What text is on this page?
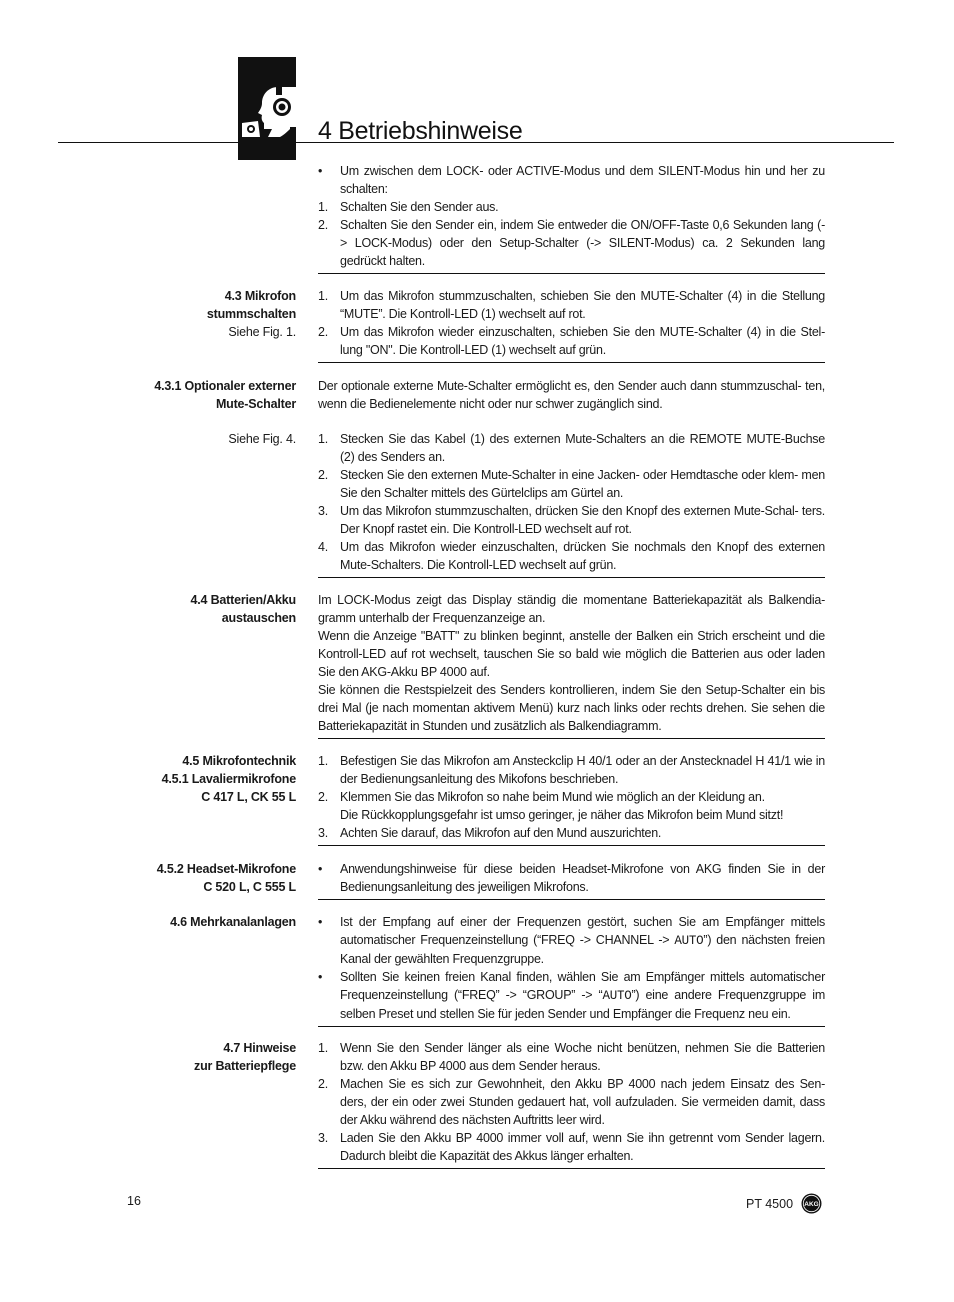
4 Betriebshinweise
•	Um zwischen dem LOCK- oder ACTIVE-Modus und dem SILENT-Modus hin und her zu schalten:
1. Schalten Sie den Sender aus.
2. Schalten Sie den Sender ein, indem Sie entweder die ON/OFF-Taste 0,6 Sekunden lang (-> LOCK-Modus) oder den Setup-Schalter (-> SILENT-Modus) ca. 2 Sekunden lang gedrückt halten.
4.3 Mikrofon
stummschalten
Siehe Fig. 1.
1. Um das Mikrofon stummzuschalten, schieben Sie den MUTE-Schalter (4) in die Stellung “MUTE”. Die Kontroll-LED (1) wechselt auf rot.
2. Um das Mikrofon wieder einzuschalten, schieben Sie den MUTE-Schalter (4) in die Stel- lung "ON". Die Kontroll-LED (1) wechselt auf grün.
4.3.1 Optionaler externer
Mute-Schalter

Der optionale externe Mute-Schalter ermöglicht es, den Sender auch dann stummzuschal- ten, wenn die Bedienelemente nicht oder nur schwer zugänglich sind.

Siehe Fig. 4. 1. Stecken Sie das Kabel (1) des externen Mute-Schalters an die REMOTE MUTE-Buchse (2) des Senders an.
2. Stecken Sie den externen Mute-Schalter in eine Jacken- oder Hemdtasche oder klem- men Sie den Schalter mittels des Gürtelclips am Gürtel an.
3. Um das Mikrofon stummzuschalten, drücken Sie den Knopf des externen Mute-Schal- ters. Der Knopf rastet ein. Die Kontroll-LED wechselt auf rot.
4. Um das Mikrofon wieder einzuschalten, drücken Sie nochmals den Knopf des externen Mute-Schalters. Die Kontroll-LED wechselt auf grün.
4.4 Batterien/Akku
austauschen

Im LOCK-Modus zeigt das Display ständig die momentane Batteriekapazität als Balkendia- gramm unterhalb der Frequenzanzeige an.

Wenn die Anzeige "BATT" zu blinken beginnt, anstelle der Balken ein Strich erscheint und die Kontroll-LED auf rot wechselt, tauschen Sie so bald wie möglich die Batterien aus oder laden Sie den AKG-Akku BP 4000 auf.

Sie können die Restspielzeit des Senders kontrollieren, indem Sie den Setup-Schalter ein bis drei Mal (je nach momentan aktivem Menü) kurz nach links oder rechts drehen. Sie sehen die Batteriekapazität in Stunden und zusätzlich als Balkendiagramm.

4.5 Mikrofontechnik
4.5.1 Lavaliermikrofone
C 417 L, CK 55 L
1. Befestigen Sie das Mikrofon am Ansteckclip H 40/1 oder an der Anstecknadel H 41/1 wie in der Bedienungsanleitung des Mikofons beschrieben.
2. Klemmen Sie das Mikrofon so nahe beim Mund wie möglich an der Kleidung an.
Die Rückkopplungsgefahr ist umso geringer, je näher das Mikrofon beim Mund sitzt!
3. Achten Sie darauf, das Mikrofon auf den Mund auszurichten.
4.5.2 Headset-Mikrofone
C 520 L, C 555 L
•	Anwendungshinweise für diese beiden Headset-Mikrofone von AKG finden Sie in der Bedienungsanleitung des jeweiligen Mikrofons.
4.6 Mehrkanalanlagen •	Ist der Empfang auf einer der Frequenzen gestört, suchen Sie am Empfänger mittels automatischer Frequenzeinstellung (“FREQ -> CHANNEL -> AUTO”) den nächsten freien Kanal der gewählten Frequenzgruppe.
•	Sollten Sie keinen freien Kanal finden, wählen Sie am Empfänger mittels automatischer Frequenzeinstellung (“FREQ” -> “GROUP” -> “AUTO”) eine andere Frequenzgruppe im selben Preset und stellen Sie für jeden Sender und Empfänger die Frequenz neu ein.
4.7 Hinweise
zur Batteriepflege
1. Wenn Sie den Sender länger als eine Woche nicht benützen, nehmen Sie die Batterien bzw. den Akku BP 4000 aus dem Sender heraus.
2. Machen Sie es sich zur Gewohnheit, den Akku BP 4000 nach jedem Einsatz des Sen- ders, der ein oder zwei Stunden gedauert hat, voll aufzuladen. Sie vermeiden damit, dass der Akku während des nächsten Auftritts leer wird.
3. Laden Sie den Akku BP 4000 immer voll auf, wenn Sie ihn getrennt vom Sender lagern. Dadurch bleibt die Kapazität des Akkus länger erhalten.
16	PT 4500 AKG
